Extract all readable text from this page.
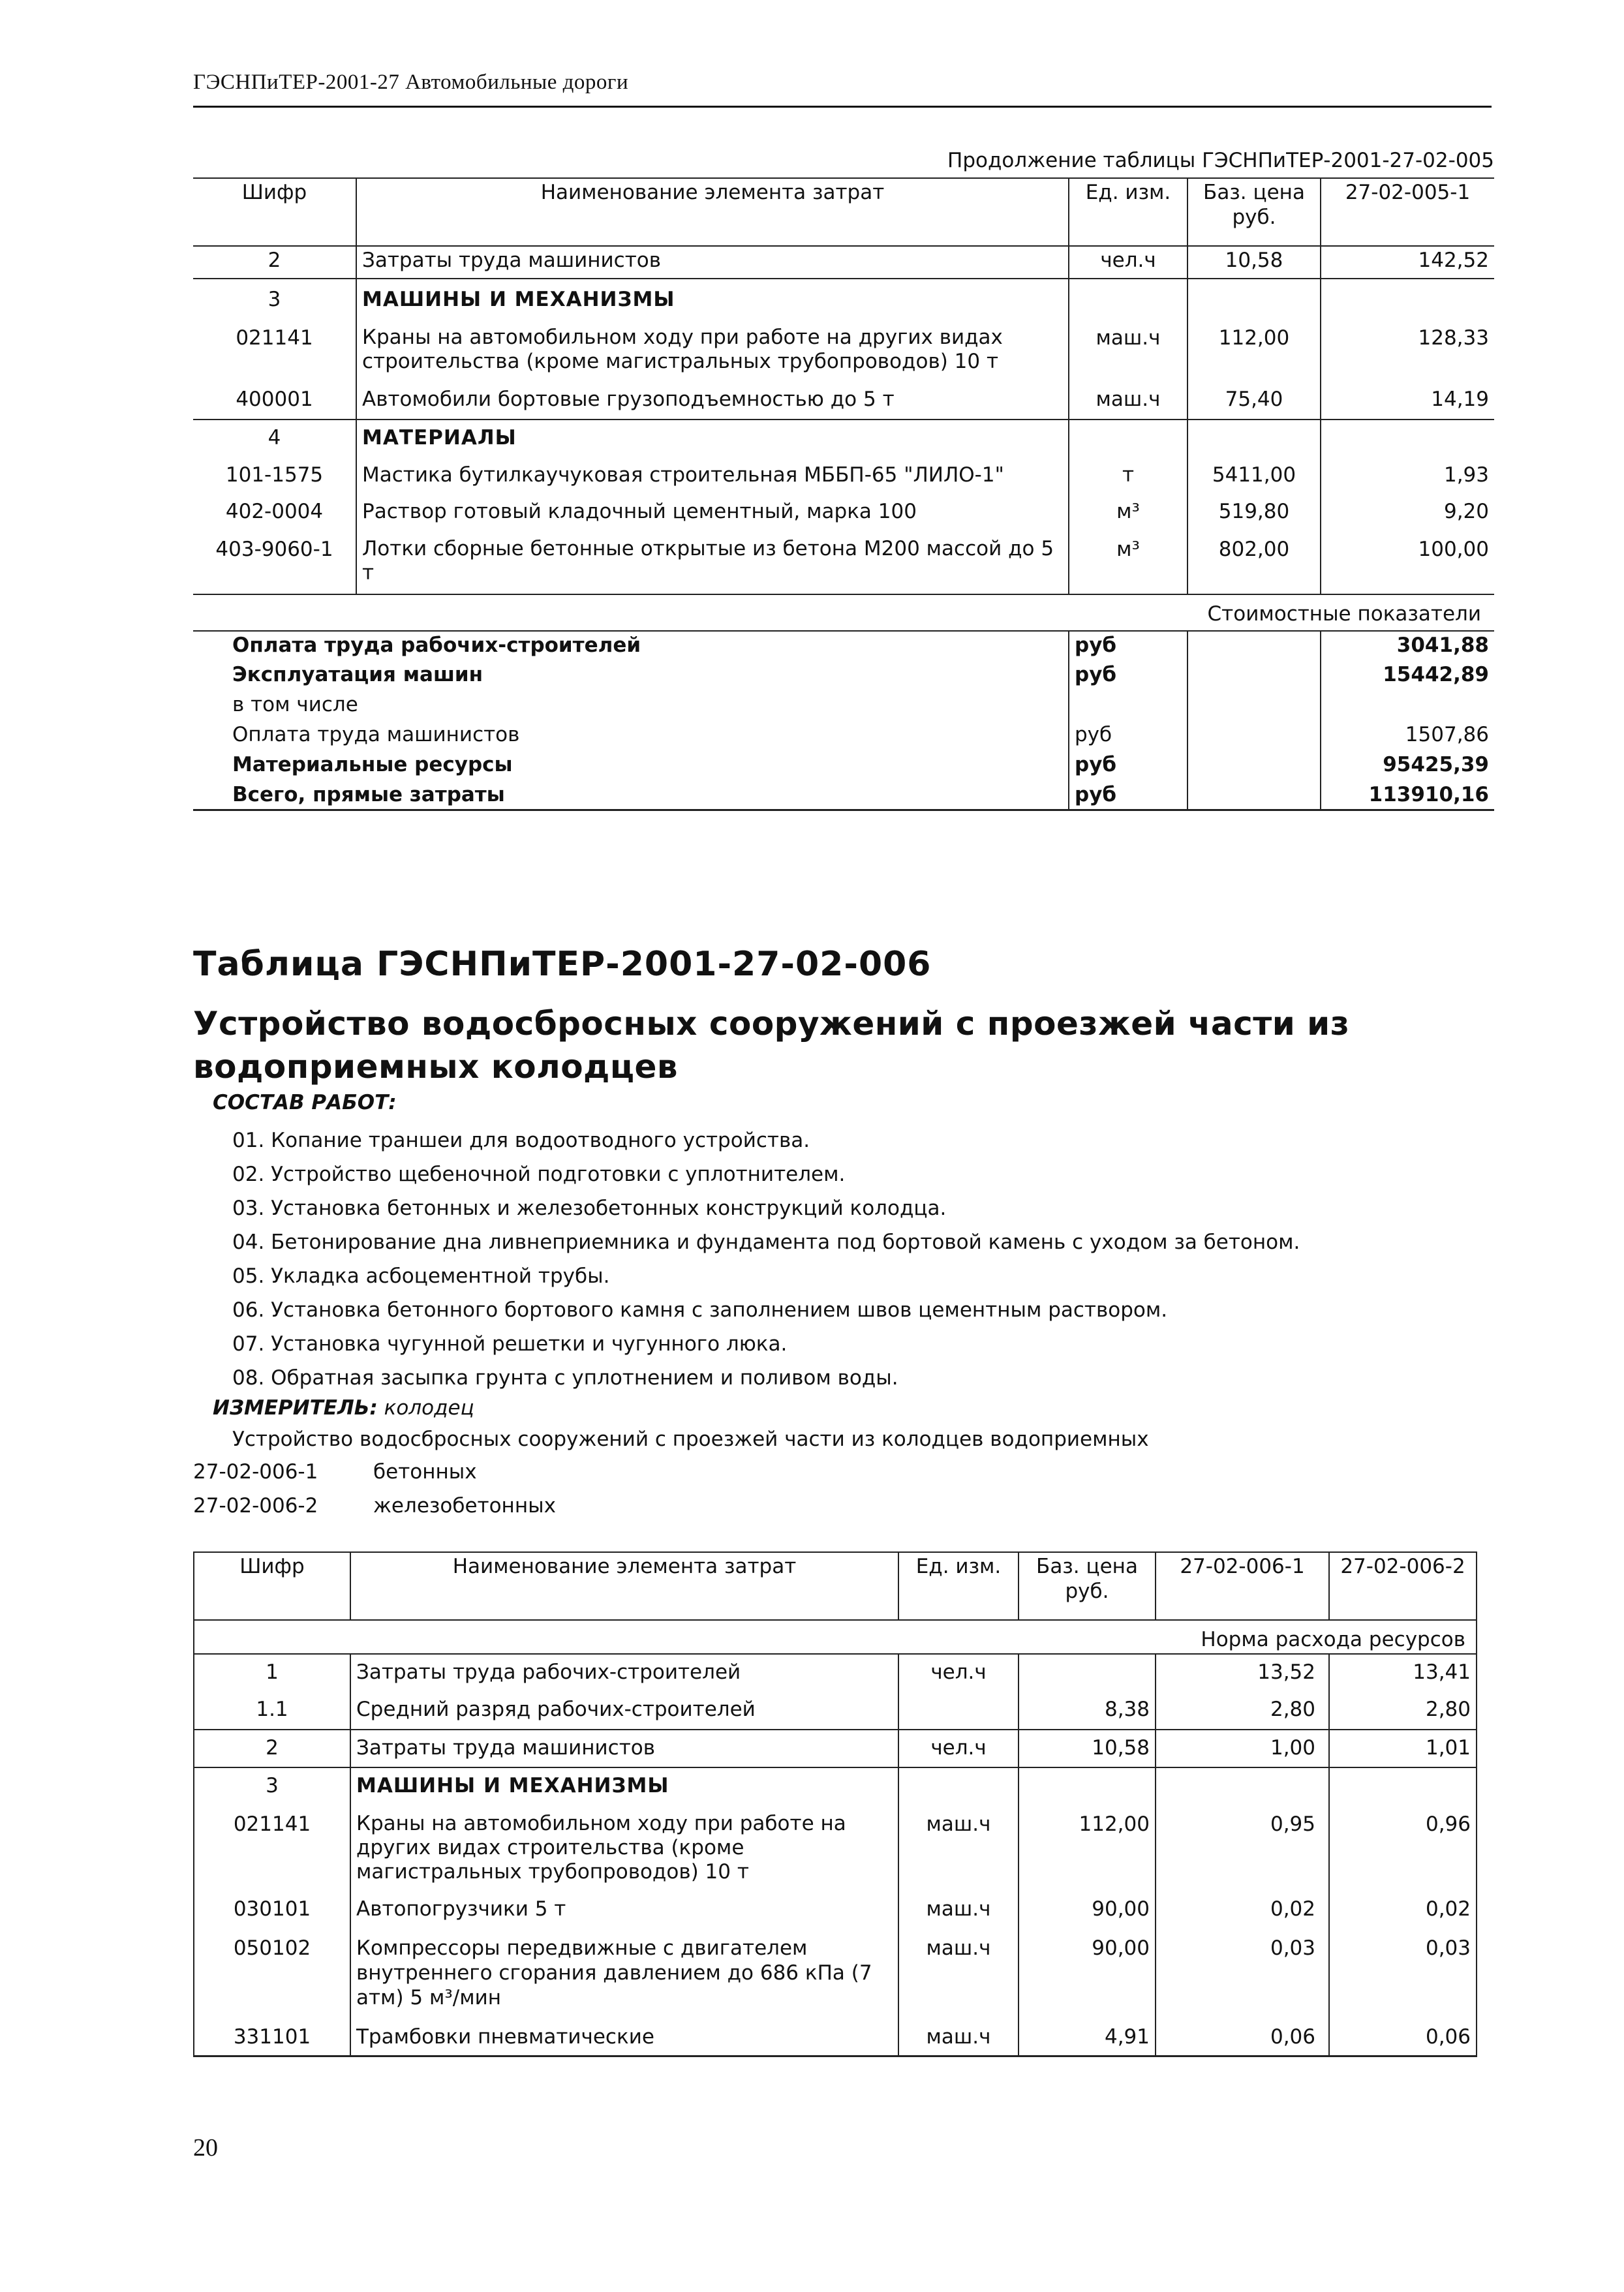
ГЭСНПиТЕР-2001-27 Автомобильные дороги
Продолжение таблицы ГЭСНПиТЕР-2001-27-02-005
Шифр	Наименование элемента затрат	Ед. изм.	Баз. цена руб.	27-02-005-1
2	Затраты труда машинистов	чел.ч	10,58	142,52
3	МАШИНЫ И МЕХАНИЗМЫ			
021141	Краны на автомобильном ходу при работе на других видах строительства (кроме магистральных трубопроводов) 10 т	маш.ч	112,00	128,33
400001	Автомобили бортовые грузоподъемностью до 5 т	маш.ч	75,40	14,19
4	МАТЕРИАЛЫ			
101-1575	Мастика бутилкаучуковая строительная МББП-65 "ЛИЛО-1"	т	5411,00	1,93
402-0004	Раствор готовый кладочный цементный, марка 100	м³	519,80	9,20
403-9060-1	Лотки сборные бетонные открытые из бетона М200 массой до 5 т	м³	802,00	100,00
Стоимостные показатели				
Оплата труда рабочих-строителей		руб		3041,88
Эксплуатация машин		руб		15442,89
в том числе				
Оплата труда машинистов		руб		1507,86
Материальные ресурсы		руб		95425,39
Всего, прямые затраты		руб		113910,16
Таблица ГЭСНПиТЕР-2001-27-02-006
Устройство водосбросных сооружений с проезжей части из водоприемных колодцев
СОСТАВ РАБОТ:
01. Копание траншеи для водоотводного устройства.
02. Устройство щебеночной подготовки с уплотнителем.
03. Установка бетонных и железобетонных конструкций колодца.
04. Бетонирование дна ливнеприемника и фундамента под бортовой камень с уходом за бетоном.
05. Укладка асбоцементной трубы.
06. Установка бетонного бортового камня с заполнением швов цементным раствором.
07. Установка чугунной решетки и чугунного люка.
08. Обратная засыпка грунта с уплотнением и поливом воды.
ИЗМЕРИТЕЛЬ: колодец
Устройство водосбросных сооружений с проезжей части из колодцев водоприемных
27-02-006-1	бетонных
27-02-006-2	железобетонных
Шифр	Наименование элемента затрат	Ед. изм.	Баз. цена руб.	27-02-006-1	27-02-006-2
Норма расхода ресурсов					
1	Затраты труда рабочих-строителей	чел.ч		13,52	13,41
1.1	Средний разряд рабочих-строителей		8,38	2,80	2,80
2	Затраты труда машинистов	чел.ч	10,58	1,00	1,01
3	МАШИНЫ И МЕХАНИЗМЫ				
021141	Краны на автомобильном ходу при работе на других видах строительства (кроме магистральных трубопроводов) 10 т	маш.ч	112,00	0,95	0,96
030101	Автопогрузчики 5 т	маш.ч	90,00	0,02	0,02
050102	Компрессоры передвижные с двигателем внутреннего сгорания давлением до 686 кПа (7 атм) 5 м³/мин	маш.ч	90,00	0,03	0,03
331101	Трамбовки пневматические	маш.ч	4,91	0,06	0,06
20
